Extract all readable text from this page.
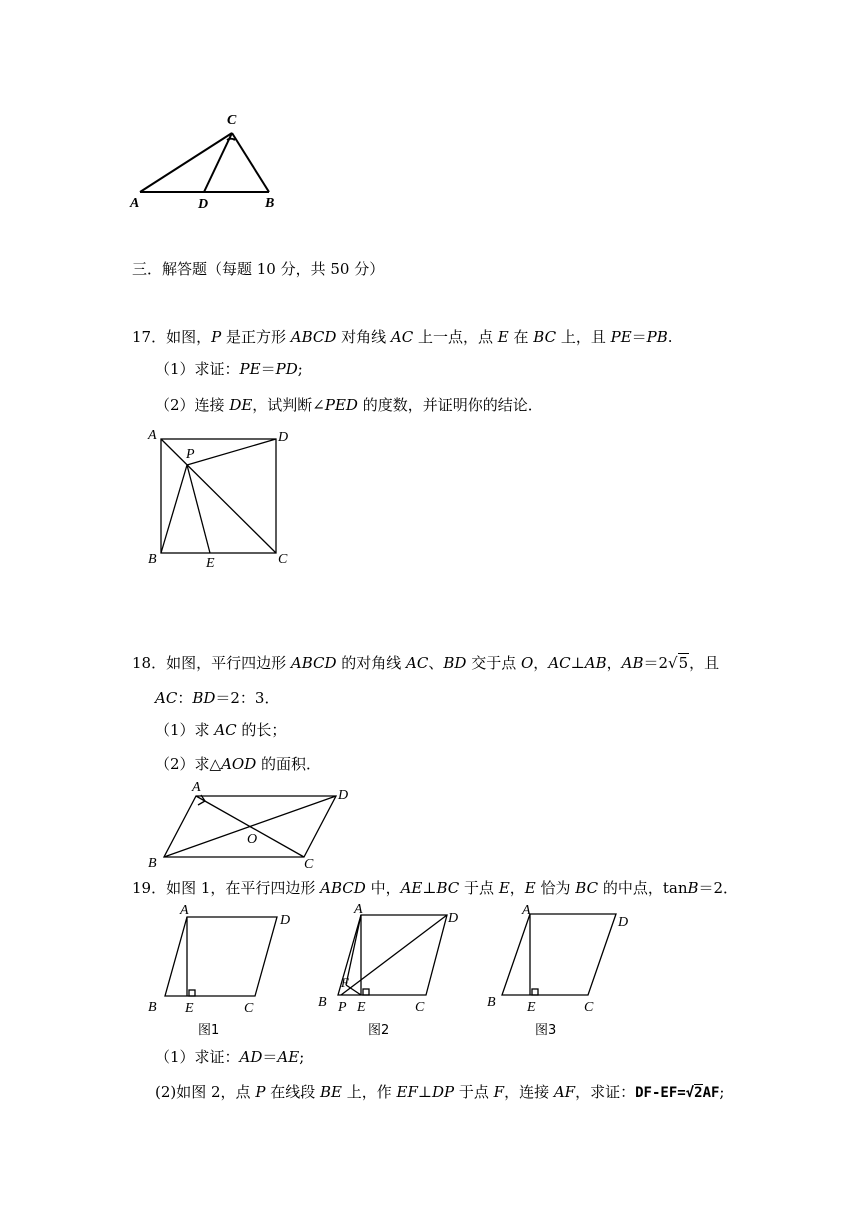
C
A	D	B
三．解答题（每题 10 分，共 50 分）
17．如图，P 是正方形 ABCD 对角线 AC 上一点，点 E 在 BC 上，且 PE＝PB.
（1）求证：PE＝PD;
（2）连接 DE，试判断∠PED 的度数，并证明你的结论．
A	D
P
B	E	C
18．如图，平行四边形 ABCD 的对角线 AC、BD 交于点 O，AC⊥AB，AB＝2√5，且
AC：BD＝2：3．
（1）求 AC 的长；
（2）求△AOD 的面积．
A
D
O
B	C
19．如图 1，在平行四边形 ABCD 中，AE⊥BC 于点 E，E 恰为 BC 的中点，tanB＝2．
A
D
B E	C
图1
A
D
F
B P E	C
图2
A
D
B E	C
图3
（1）求证：AD＝AE;
(2)如图 2，点 P 在线段 BE 上，作 EF⊥DP 于点 F，连接 AF，求证：DF-EF=√2AF;
